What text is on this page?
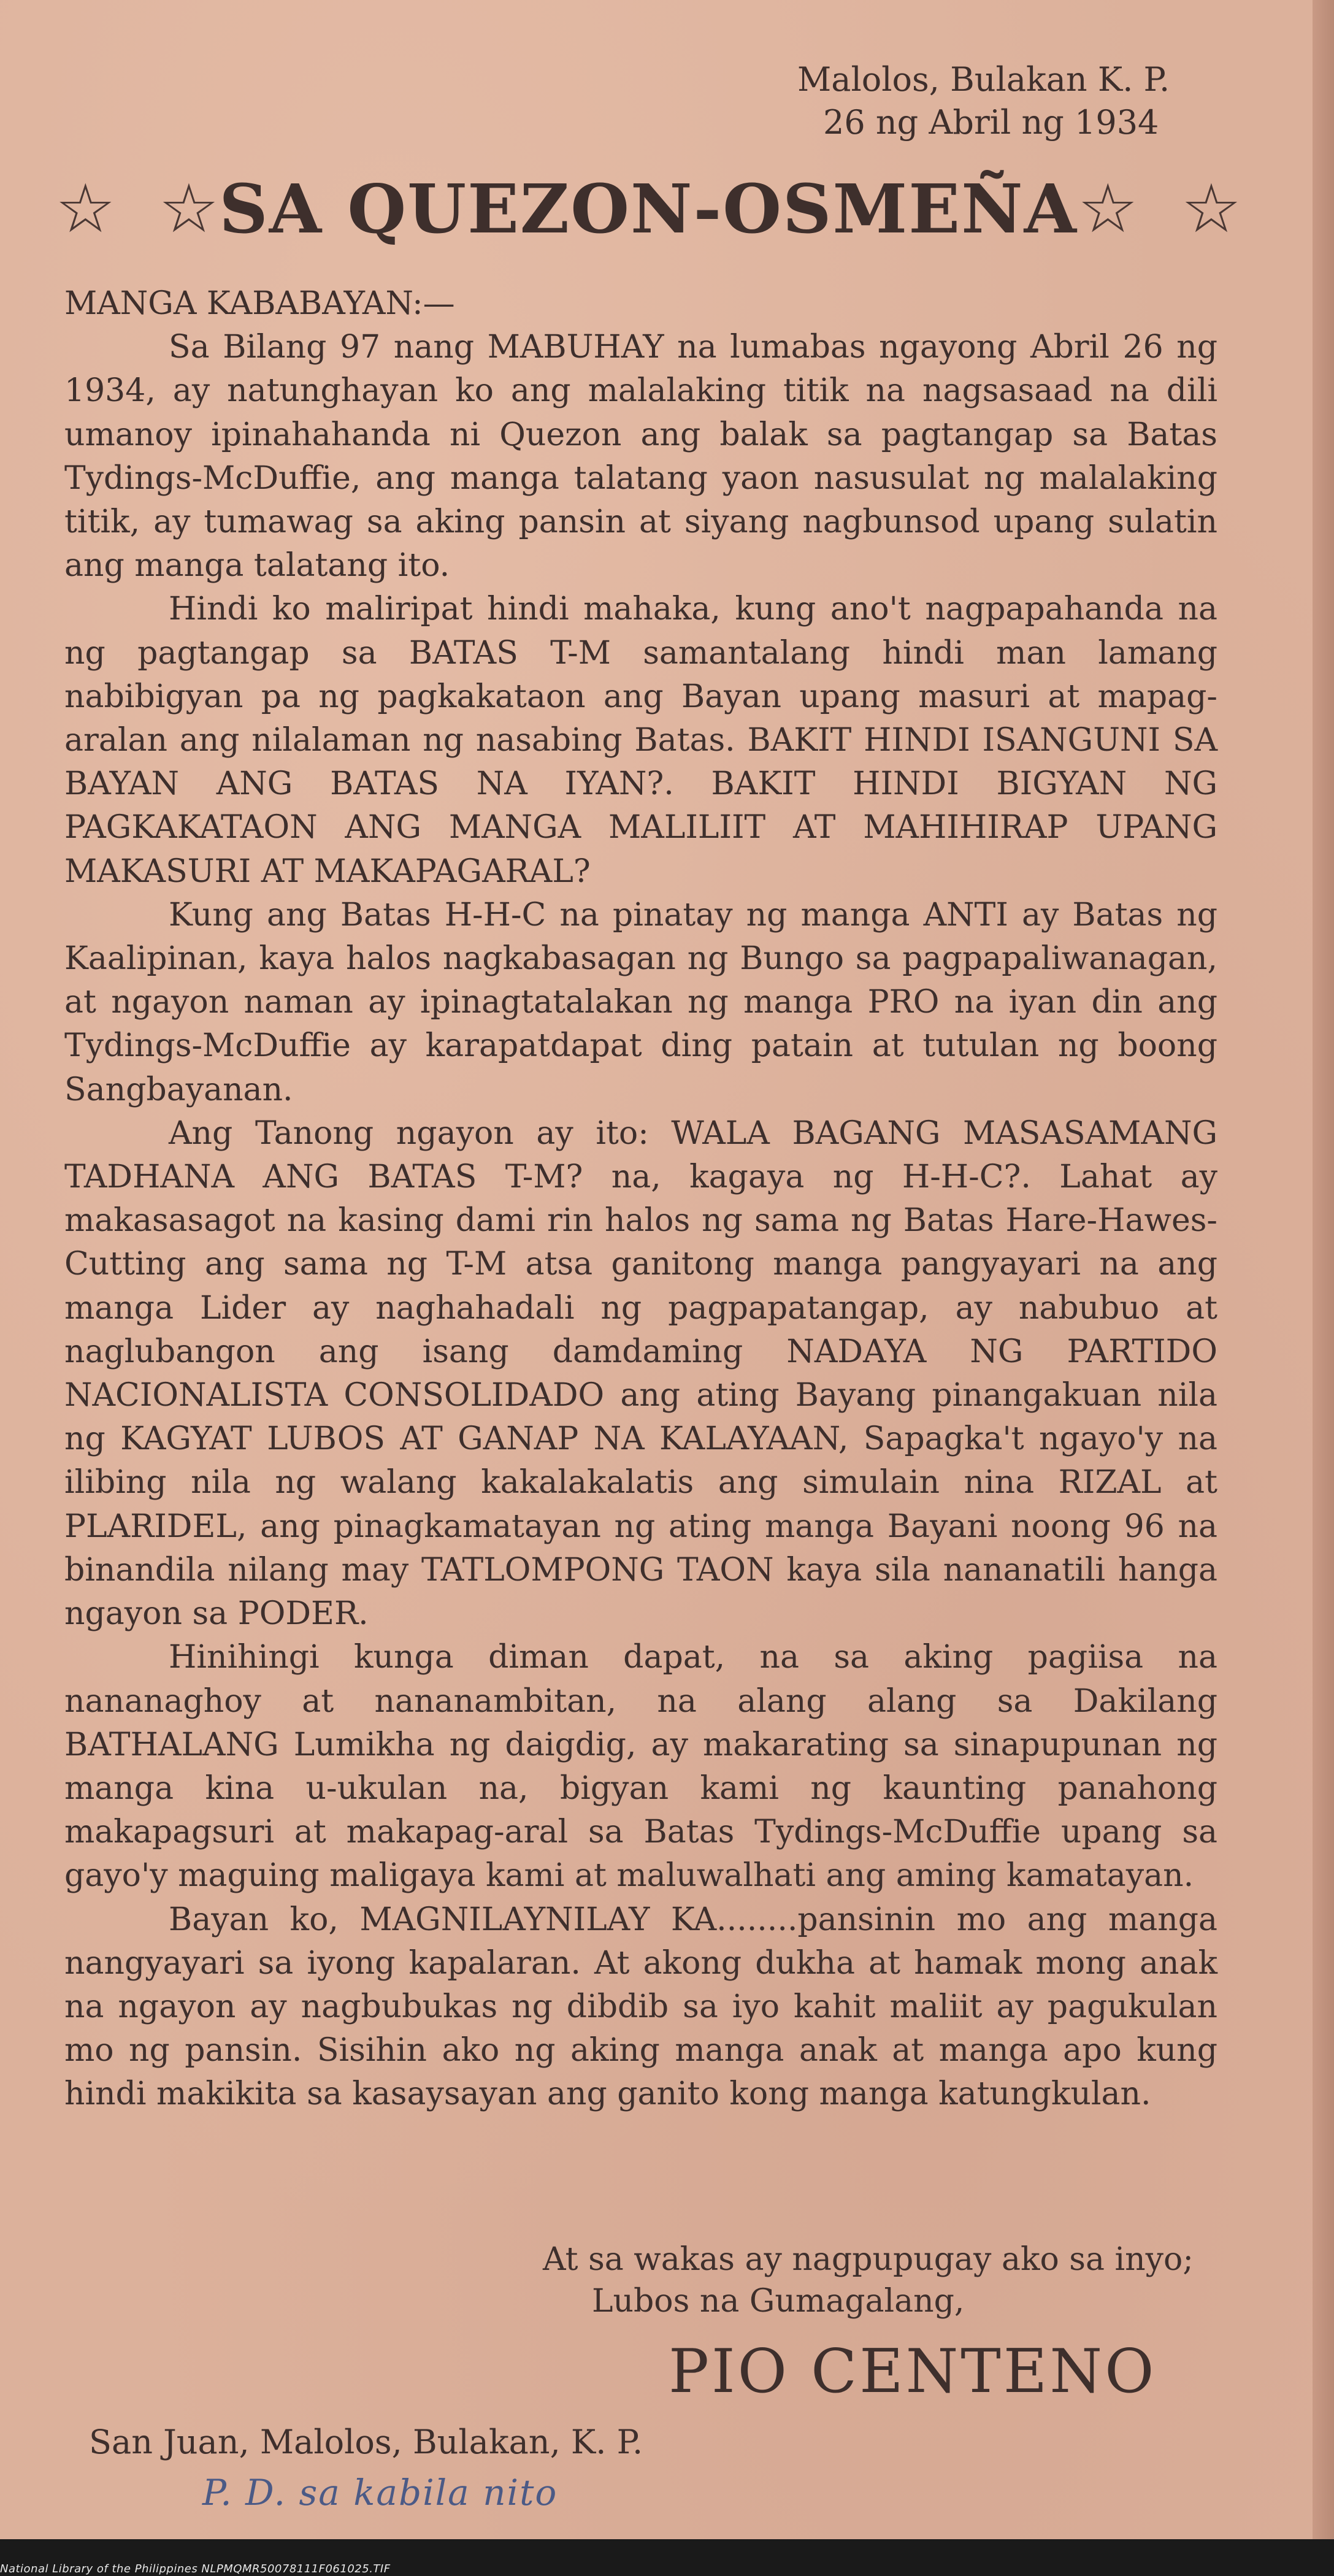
Malolos, Bulakan K. P.
26 ng Abril ng 1934
☆ ☆ SA QUEZON-OSMEÑA ☆ ☆

MANGA KABABAYAN:—

Sa Bilang 97 nang MABUHAY na lumabas ngayong Abril 26 ng 1934, ay natunghayan ko ang malalaking titik na nagsasaad na dili umanoy ipinahahanda ni Quezon ang balak sa pagtangap sa Batas Tydings-McDuffie, ang manga talatang yaon nasusulat ng malalaking titik, ay tumawag sa aking pansin at siyang nagbunsod upang sulatin ang manga talatang ito.

Hindi ko maliripat hindi mahaka, kung ano't nagpapahanda na ng pagtangap sa BATAS T-M samantalang hindi man lamang nabibigyan pa ng pagkakataon ang Bayan upang masuri at mapag-aralan ang nilalaman ng nasabing Batas. BAKIT HINDI ISANGUNI SA BAYAN ANG BATAS NA IYAN?. BAKIT HINDI BIGYAN NG PAGKAKATAON ANG MANGA MALILIIT AT MAHIHIRAP UPANG MAKASURI AT MAKAPAGARAL?

Kung ang Batas H-H-C na pinatay ng manga ANTI ay Batas ng Kaalipinan, kaya halos nagkabasagan ng Bungo sa pagpapaliwanagan, at ngayon naman ay ipinagtatalakan ng manga PRO na iyan din ang Tydings-McDuffie ay karapatdapat ding patain at tutulan ng boong Sangbayanan.

Ang Tanong ngayon ay ito: WALA BAGANG MASASAMANG TADHANA ANG BATAS T-M? na, kagaya ng H-H-C?. Lahat ay makasasagot na kasing dami rin halos ng sama ng Batas Hare-Hawes-Cutting ang sama ng T-M atsa ganitong manga pangyayari na ang manga Lider ay naghahadali ng pagpapatangap, ay nabubuo at naglubangon ang isang damdaming NADAYA NG PARTIDO NACIONALISTA CONSOLIDADO ang ating Bayang pinangakuan nila ng KAGYAT LUBOS AT GANAP NA KALAYAAN, Sapagka't ngayo'y na ilibing nila ng walang kakalakalatis ang simulain nina RIZAL at PLARIDEL, ang pinagkamatayan ng ating manga Bayani noong 96 na binandila nilang may TATLOMPONG TAON kaya sila nananatili hanga ngayon sa PODER.

Hinihingi kunga diman dapat, na sa aking pagiisa na nananaghoy at nananambitan, na alang alang sa Dakilang BATHALANG Lumikha ng daigdig, ay makarating sa sinapupunan ng manga kina u-ukulan na, bigyan kami ng kaunting panahong makapagsuri at makapag-aral sa Batas Tydings-McDuffie upang sa gayo'y maguing maligaya kami at maluwalhati ang aming kamatayan.

Bayan ko, MAGNILAYNILAY KA........pansinin mo ang manga nangyayari sa iyong kapalaran. At akong dukha at hamak mong anak na ngayon ay nagbubukas ng dibdib sa iyo kahit maliit ay pagukulan mo ng pansin. Sisihin ako ng aking manga anak at manga apo kung hindi makikita sa kasaysayan ang ganito kong manga katungkulan.

At sa wakas ay nagpupugay ako sa inyo;
Lubos na Gumagalang,
PIO CENTENO
San Juan, Malolos, Bulakan, K. P.
P. D. sa kabila nito
National Library of the Philippines NLPMQMR50078111F061025.TIF
